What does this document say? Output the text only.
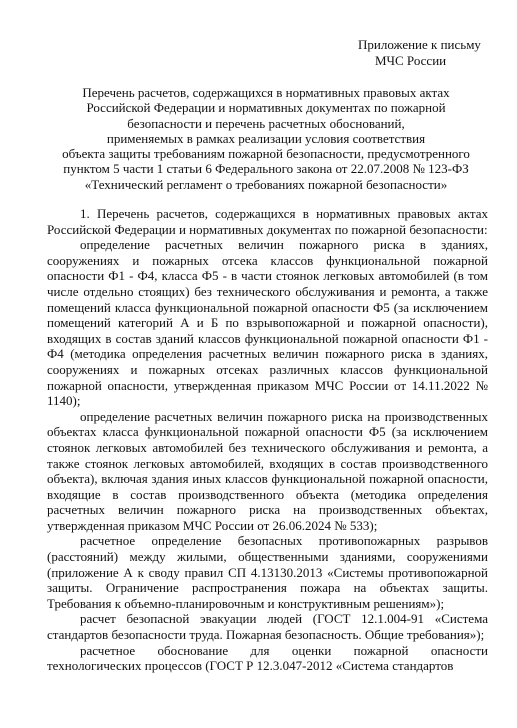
Приложение к письму
МЧС России
Перечень расчетов, содержащихся в нормативных правовых актах
Российской Федерации и нормативных документах по пожарной
безопасности и перечень расчетных обоснований,
применяемых в рамках реализации условия соответствия
объекта защиты требованиям пожарной безопасности, предусмотренного
пунктом 5 части 1 статьи 6 Федерального закона от 22.07.2008 № 123-ФЗ
«Технический регламент о требованиях пожарной безопасности»

1. Перечень расчетов, содержащихся в нормативных правовых актах Российской Федерации и нормативных документах по пожарной безопасности:

определение расчетных величин пожарного риска в зданиях, сооружениях и пожарных отсека классов функциональной пожарной опасности Ф1 - Ф4, класса Ф5 - в части стоянок легковых автомобилей (в том числе отдельно стоящих) без технического обслуживания и ремонта, а также помещений класса функциональной пожарной опасности Ф5 (за исключением помещений категорий А и Б по взрывопожарной и пожарной опасности), входящих в состав зданий классов функциональной пожарной опасности Ф1 - Ф4 (методика определения расчетных величин пожарного риска в зданиях, сооружениях и пожарных отсеках различных классов функциональной пожарной опасности, утвержденная приказом МЧС России от 14.11.2022 № 1140);

определение расчетных величин пожарного риска на производственных объектах класса функциональной пожарной опасности Ф5 (за исключением стоянок легковых автомобилей без технического обслуживания и ремонта, а также стоянок легковых автомобилей, входящих в состав производственного объекта), включая здания иных классов функциональной пожарной опасности, входящие в состав производственного объекта (методика определения расчетных величин пожарного риска на производственных объектах, утвержденная приказом МЧС России от 26.06.2024 № 533);

расчетное определение безопасных противопожарных разрывов (расстояний) между жилыми, общественными зданиями, сооружениями (приложение А к своду правил СП 4.13130.2013 «Системы противопожарной защиты. Ограничение распространения пожара на объектах защиты. Требования к объемно-планировочным и конструктивным решениям»);

расчет безопасной эвакуации людей (ГОСТ 12.1.004-91 «Система стандартов безопасности труда. Пожарная безопасность. Общие требования»);

расчетное обоснование для оценки пожарной опасности технологических процессов (ГОСТ Р 12.3.047-2012 «Система стандартов
